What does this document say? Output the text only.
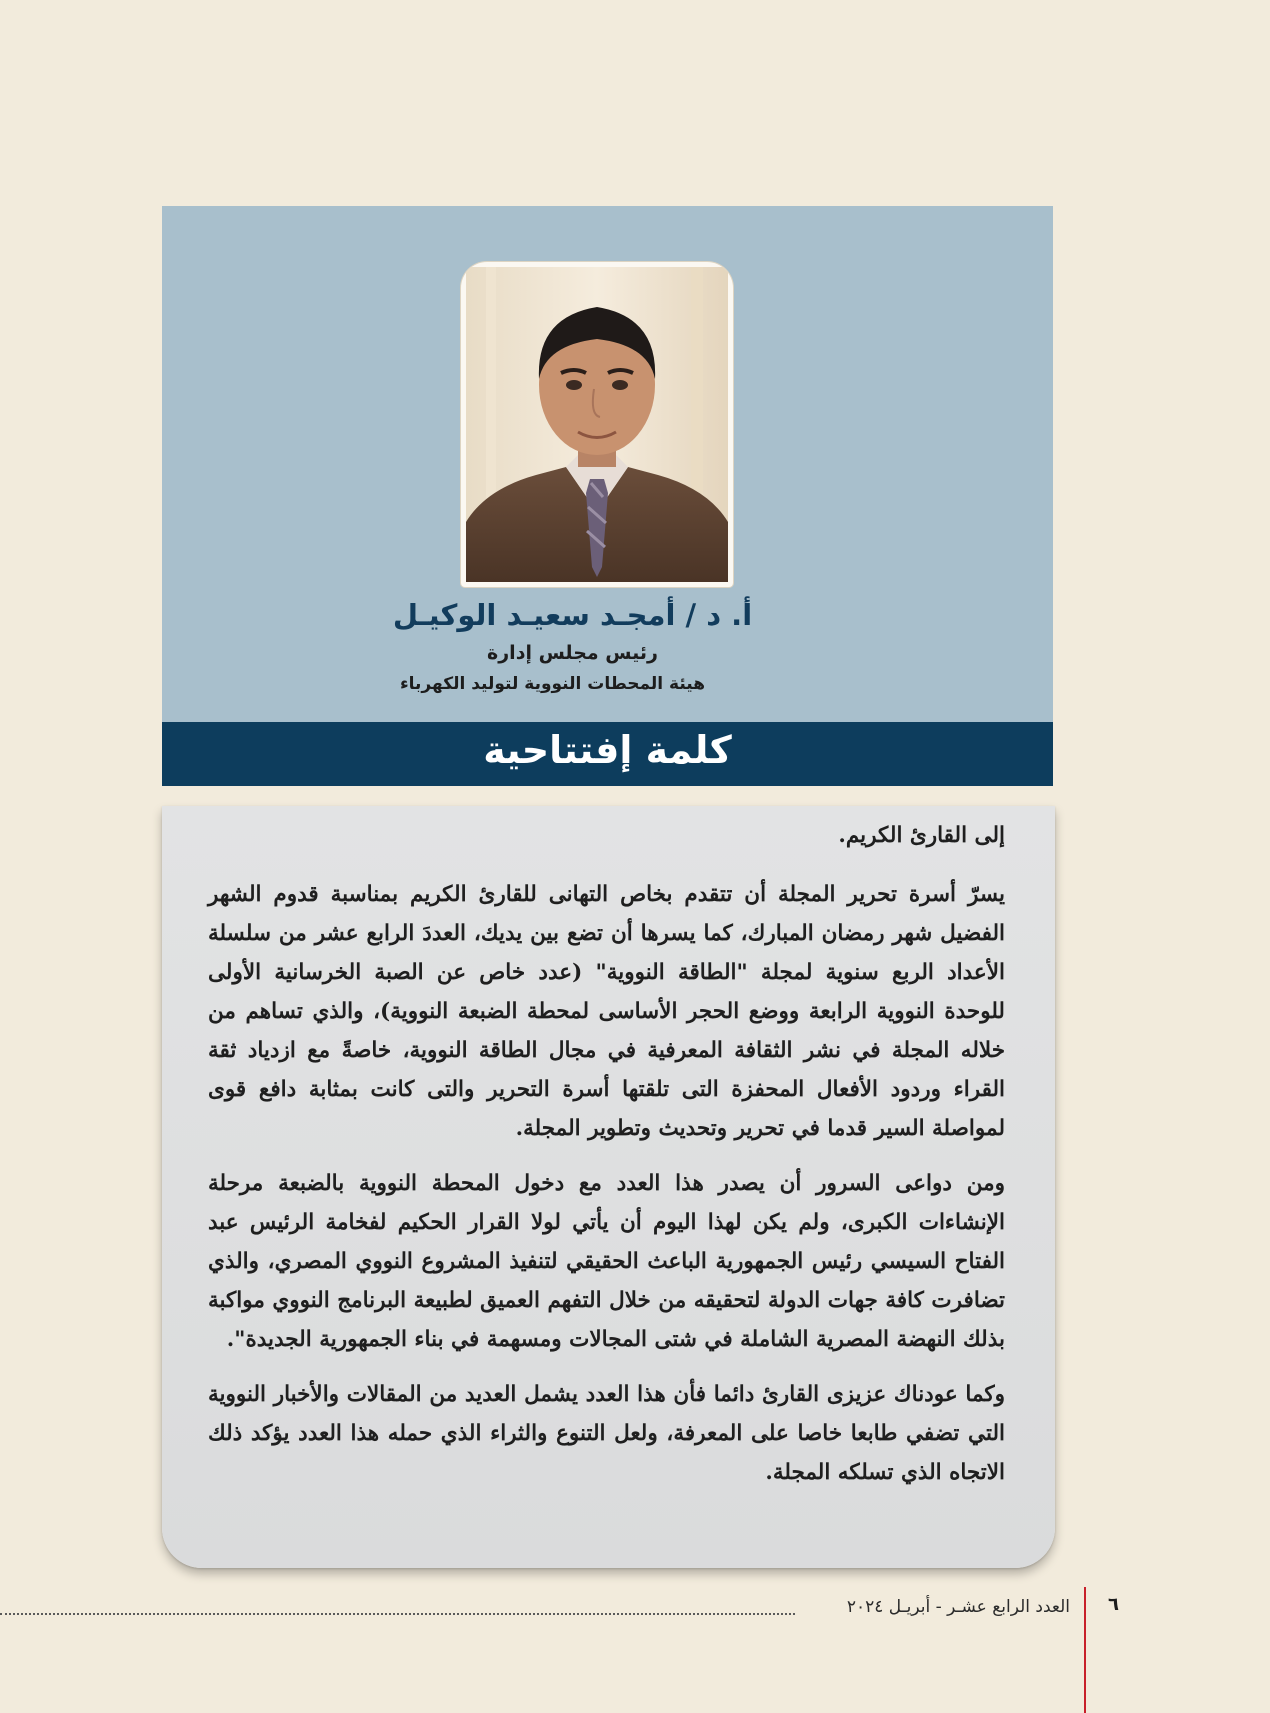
أ. د / أمجـد سعيـد الوكيـل
رئيس مجلس إدارة
هيئة المحطات النووية لتوليد الكهرباء
كلمة إفتتاحية

إلى القارئ الكريم.

يسرّ أسرة تحرير المجلة أن تتقدم بخاص التهانى للقارئ الكريم بمناسبة قدوم الشهر الفضيل شهر رمضان المبارك، كما يسرها أن تضع بين يديك، العددَ الرابع عشر من سلسلة الأعداد الربع سنوية لمجلة "الطاقة النووية" (عدد خاص عن الصبة الخرسانية الأولى للوحدة النووية الرابعة ووضع الحجر الأساسى لمحطة الضبعة النووية)، والذي تساهم من خلاله المجلة في نشر الثقافة المعرفية في مجال الطاقة النووية، خاصةً مع ازدياد ثقة القراء وردود الأفعال المحفزة التى تلقتها أسرة التحرير والتى كانت بمثابة دافع قوى لمواصلة السير قدما في تحرير وتحديث وتطوير المجلة.

ومن دواعى السرور أن يصدر هذا العدد مع دخول المحطة النووية بالضبعة مرحلة الإنشاءات الكبرى، ولم يكن لهذا اليوم أن يأتي لولا القرار الحكيم لفخامة الرئيس عبد الفتاح السيسي رئيس الجمهورية الباعث الحقيقي لتنفيذ المشروع النووي المصري، والذي تضافرت كافة جهات الدولة لتحقيقه من خلال التفهم العميق لطبيعة البرنامج النووي مواكبة بذلك النهضة المصرية الشاملة في شتى المجالات ومسهمة في بناء الجمهورية الجديدة".

وكما عودناك عزيزى القارئ دائما فأن هذا العدد يشمل العديد من المقالات والأخبار النووية التي تضفي طابعا خاصا على المعرفة، ولعل التنوع والثراء الذي حمله هذا العدد يؤكد ذلك الاتجاه الذي تسلكه المجلة.

العدد الرابع عشـر - أبريـل ٢٠٢٤ ٦
